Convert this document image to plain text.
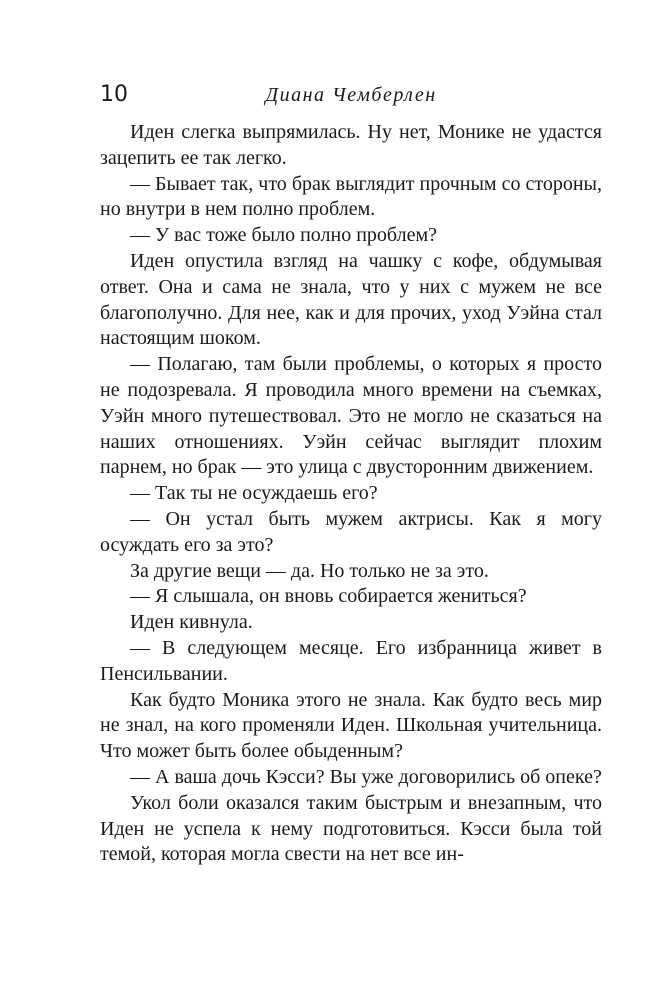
10	Диана Чемберлен

Иден слегка выпрямилась. Ну нет, Монике не удастся зацепить ее так легко.

— Бывает так, что брак выглядит прочным со стороны, но внутри в нем полно проблем.

— У вас тоже было полно проблем?

Иден опустила взгляд на чашку с кофе, обдумывая ответ. Она и сама не знала, что у них с мужем не все благополучно. Для нее, как и для прочих, уход Уэйна стал настоящим шоком.

— Полагаю, там были проблемы, о которых я просто не подозревала. Я проводила много времени на съемках, Уэйн много путешествовал. Это не могло не сказаться на наших отношениях. Уэйн сейчас выглядит плохим парнем, но брак — это улица с двусторонним движением.

— Так ты не осуждаешь его?

— Он устал быть мужем актрисы. Как я могу осуждать его за это?

За другие вещи — да. Но только не за это.

— Я слышала, он вновь собирается жениться?

Иден кивнула.

— В следующем месяце. Его избранница живет в Пенсильвании.

Как будто Моника этого не знала. Как будто весь мир не знал, на кого променяли Иден. Школьная учительница. Что может быть более обыденным?

— А ваша дочь Кэсси? Вы уже договорились об опеке?

Укол боли оказался таким быстрым и внезапным, что Иден не успела к нему подготовиться. Кэсси была той темой, которая могла свести на нет все ин-
